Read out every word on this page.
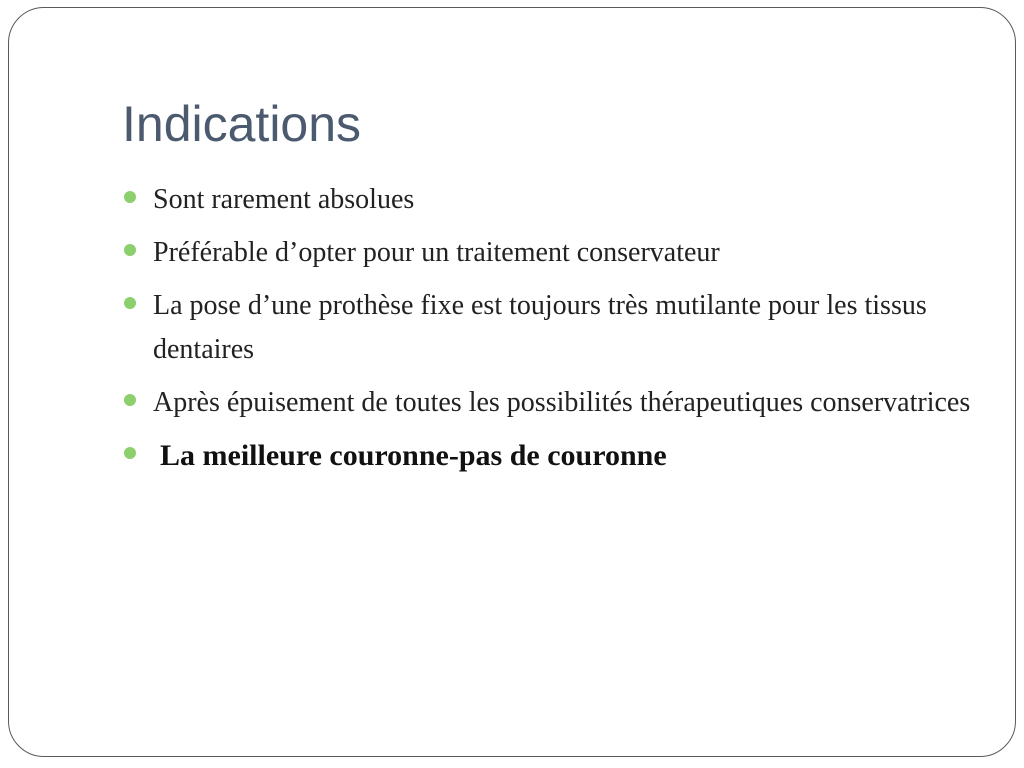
Indications
Sont rarement absolues
Préférable d’opter pour un traitement conservateur
La pose d’une prothèse fixe est toujours très mutilante pour les tissus dentaires
Après épuisement de toutes les possibilités thérapeutiques conservatrices
La meilleure couronne-pas de couronne
